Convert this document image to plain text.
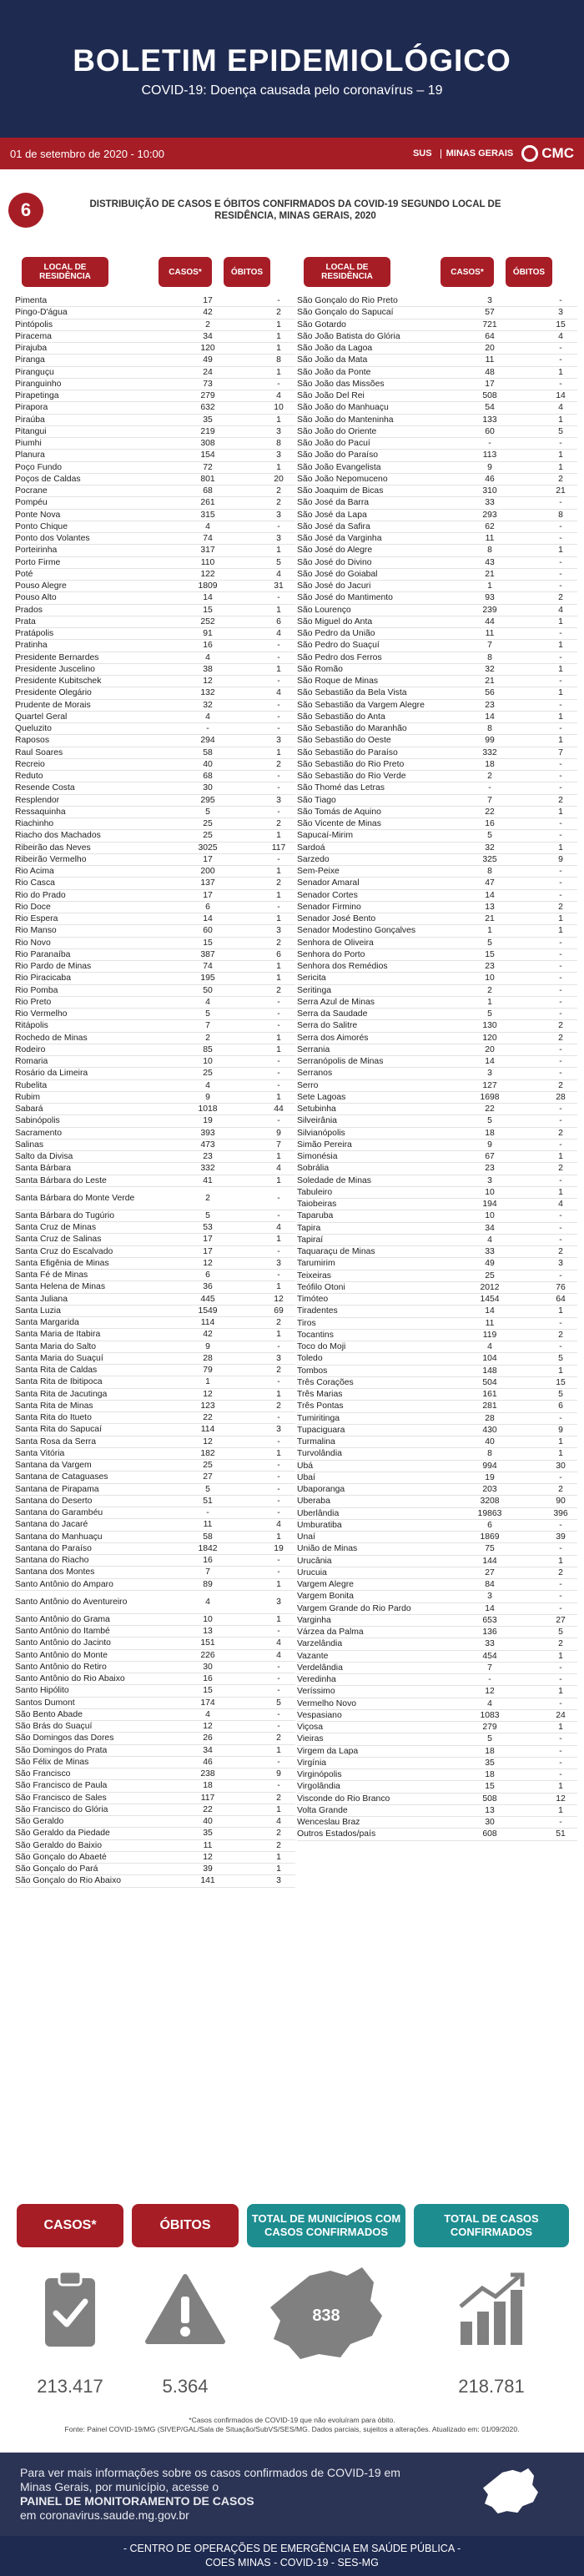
BOLETIM EPIDEMIOLÓGICO
COVID-19: Doença causada pelo coronavírus – 19
01 de setembro de 2020 - 10:00	SUS	MINAS GERAIS CMC
6	DISTRIBUIÇÃO DE CASOS E ÓBITOS CONFIRMADOS DA COVID-19 SEGUNDO LOCAL DE RESIDÊNCIA, MINAS GERAIS, 2020
LOCAL DE RESIDÊNCIA	CASOS*	ÓBITOS
Pimenta	17	-
Pingo-D'água	42	2
Pintópolis	2	1
Piracema	34	1
Pirajuba	120	1
Piranga	49	8
Piranguçu	24	1
Piranguinho	73	-
Pirapetinga	279	4
Pirapora	632	10
Piraúba	35	1
Pitangui	219	3
Piumhi	308	8
Planura	154	3
Poço Fundo	72	1
Poços de Caldas	801	20
Pocrane	68	2
Pompéu	261	2
Ponte Nova	315	3
Ponto Chique	4	-
Ponto dos Volantes	74	3
Porteirinha	317	1
Porto Firme	110	5
Poté	122	4
Pouso Alegre	1809	31
Pouso Alto	14	-
Prados	15	1
Prata	252	6
Pratápolis	91	4
Pratinha	16	-
Presidente Bernardes	4	-
Presidente Juscelino	38	1
Presidente Kubitschek	12	-
Presidente Olegário	132	4
Prudente de Morais	32	-
Quartel Geral	4	-
Queluzito	-	-
Raposos	294	3
Raul Soares	58	1
Recreio	40	2
Reduto	68	-
Resende Costa	30	-
Resplendor	295	3
Ressaquinha	5	-
Riachinho	25	2
Riacho dos Machados	25	1
Ribeirão das Neves	3025	117
Ribeirão Vermelho	17	-
Rio Acima	200	1
Rio Casca	137	2
Rio do Prado	17	1
Rio Doce	6	-
Rio Espera	14	1
Rio Manso	60	3
Rio Novo	15	2
Rio Paranaíba	387	6
Rio Pardo de Minas	74	1
Rio Piracicaba	195	1
Rio Pomba	50	2
Rio Preto	4	-
Rio Vermelho	5	-
Ritápolis	7	-
Rochedo de Minas	2	1
Rodeiro	85	1
Romaria	10	-
Rosário da Limeira	25	-
Rubelita	4	-
Rubim	9	1
Sabará	1018	44
Sabinópolis	19	-
Sacramento	393	9
Salinas	473	7
Salto da Divisa	23	1
Santa Bárbara	332	4
Santa Bárbara do Leste	41	1
Santa Bárbara do Monte Verde	2	-
Santa Bárbara do Tugúrio	5	-
Santa Cruz de Minas	53	4
Santa Cruz de Salinas	17	1
Santa Cruz do Escalvado	17	-
Santa Efigênia de Minas	12	3
Santa Fé de Minas	6	-
Santa Helena de Minas	36	1
Santa Juliana	445	12
Santa Luzia	1549	69
Santa Margarida	114	2
Santa Maria de Itabira	42	1
Santa Maria do Salto	9	-
Santa Maria do Suaçuí	28	3
Santa Rita de Caldas	79	2
Santa Rita de Ibitipoca	1	-
Santa Rita de Jacutinga	12	1
Santa Rita de Minas	123	2
Santa Rita do Itueto	22	-
Santa Rita do Sapucaí	114	3
Santa Rosa da Serra	12	-
Santa Vitória	182	1
Santana da Vargem	25	-
Santana de Cataguases	27	-
Santana de Pirapama	5	-
Santana do Deserto	51	-
Santana do Garambéu	-	-
Santana do Jacaré	11	4
Santana do Manhuaçu	58	1
Santana do Paraíso	1842	19
Santana do Riacho	16	-
Santana dos Montes	7	-
Santo Antônio do Amparo	89	1
Santo Antônio do Aventureiro	4	3
Santo Antônio do Grama	10	1
Santo Antônio do Itambé	13	-
Santo Antônio do Jacinto	151	4
Santo Antônio do Monte	226	4
Santo Antônio do Retiro	30	-
Santo Antônio do Rio Abaixo	16	-
Santo Hipólito	15	-
Santos Dumont	174	5
São Bento Abade	4	-
São Brás do Suaçuí	12	-
São Domingos das Dores	26	2
São Domingos do Prata	34	1
São Félix de Minas	46	-
São Francisco	238	9
São Francisco de Paula	18	-
São Francisco de Sales	117	2
São Francisco do Glória	22	1
São Geraldo	40	4
São Geraldo da Piedade	35	2
São Geraldo do Baixio	11	2
São Gonçalo do Abaeté	12	1
São Gonçalo do Pará	39	1
São Gonçalo do Rio Abaixo	141	3
LOCAL DE RESIDÊNCIA	CASOS*	ÓBITOS
São Gonçalo do Rio Preto	3	-
São Gonçalo do Sapucaí	57	3
São Gotardo	721	15
São João Batista do Glória	64	4
São João da Lagoa	20	-
São João da Mata	11	-
São João da Ponte	48	1
São João das Missões	17	-
São João Del Rei	508	14
São João do Manhuaçu	54	4
São João do Manteninha	133	1
São João do Oriente	60	5
São João do Pacuí	-	-
São João do Paraíso	113	1
São João Evangelista	9	1
São João Nepomuceno	46	2
São Joaquim de Bicas	310	21
São José da Barra	33	-
São José da Lapa	293	8
São José da Safira	62	-
São José da Varginha	11	-
São José do Alegre	8	1
São José do Divino	43	-
São José do Goiabal	21	-
São José do Jacuri	1	-
São José do Mantimento	93	2
São Lourenço	239	4
São Miguel do Anta	44	1
São Pedro da União	11	-
São Pedro do Suaçuí	7	1
São Pedro dos Ferros	8	-
São Romão	32	1
São Roque de Minas	21	-
São Sebastião da Bela Vista	56	1
São Sebastião da Vargem Alegre	23	-
São Sebastião do Anta	14	1
São Sebastião do Maranhão	8	-
São Sebastião do Oeste	99	1
São Sebastião do Paraíso	332	7
São Sebastião do Rio Preto	18	-
São Sebastião do Rio Verde	2	-
São Thomé das Letras	-	-
São Tiago	7	2
São Tomás de Aquino	22	1
São Vicente de Minas	16	-
Sapucaí-Mirim	5	-
Sardoá	32	1
Sarzedo	325	9
Sem-Peixe	8	-
Senador Amaral	47	-
Senador Cortes	14	-
Senador Firmino	13	2
Senador José Bento	21	1
Senador Modestino Gonçalves	1	1
Senhora de Oliveira	5	-
Senhora do Porto	15	-
Senhora dos Remédios	23	-
Sericita	10	-
Seritinga	2	-
Serra Azul de Minas	1	-
Serra da Saudade	5	-
Serra do Salitre	130	2
Serra dos Aimorés	120	2
Serrania	20	-
Serranópolis de Minas	14	-
Serranos	3	-
Serro	127	2
Sete Lagoas	1698	28
Setubinha	22	-
Silveirânia	5	-
Silvianópolis	18	2
Simão Pereira	9	-
Simonésia	67	1
Sobrália	23	2
Soledade de Minas	3	-
Tabuleiro	10	1
Taiobeiras	194	4
Taparuba	10	-
Tapira	34	-
Tapiraí	4	-
Taquaraçu de Minas	33	2
Tarumirim	49	3
Teixeiras	25	-
Teófilo Otoni	2012	76
Timóteo	1454	64
Tiradentes	14	1
Tiros	11	-
Tocantins	119	2
Toco do Moji	4	-
Toledo	104	5
Tombos	148	1
Três Corações	504	15
Três Marias	161	5
Três Pontas	281	6
Tumiritinga	28	-
Tupaciguara	430	9
Turmalina	40	1
Turvolândia	8	1
Ubá	994	30
Ubaí	19	-
Ubaporanga	203	2
Uberaba	3208	90
Uberlândia	19863	396
Umburatiba	6	-
Unaí	1869	39
União de Minas	75	-
Urucânia	144	1
Urucuia	27	2
Vargem Alegre	84	-
Vargem Bonita	3	-
Vargem Grande do Rio Pardo	14	-
Varginha	653	27
Várzea da Palma	136	5
Varzelândia	33	2
Vazante	454	1
Verdelândia	7	-
Veredinha	-	-
Veríssimo	12	1
Vermelho Novo	4	-
Vespasiano	1083	24
Viçosa	279	1
Vieiras	5	-
Virgem da Lapa	18	-
Virgínia	35	-
Virginópolis	18	-
Virgolândia	15	1
Visconde do Rio Branco	508	12
Volta Grande	13	1
Wenceslau Braz	30	-
Outros Estados/país	608	51
CASOS*	ÓBITOS	TOTAL DE MUNICÍPIOS COM CASOS CONFIRMADOS
TOTAL DE CASOS CONFIRMADOS
838
213.417	5.364	218.781
*Casos confirmados de COVID-19 que não evoluíram para óbito.
Fonte: Painel COVID-19/MG (SIVEP/GAL/Sala de Situação/SubVS/SES/MG. Dados parciais, sujeitos a alterações. Atualizado em: 01/09/2020.
Para ver mais informações sobre os casos confirmados de COVID-19 em
Minas Gerais, por município, acesse o
PAINEL DE MONITORAMENTO DE CASOS
em coronavirus.saude.mg.gov.br
- CENTRO DE OPERAÇÕES DE EMERGÊNCIA EM SAÚDE PÚBLICA -
COES MINAS - COVID-19 - SES-MG
